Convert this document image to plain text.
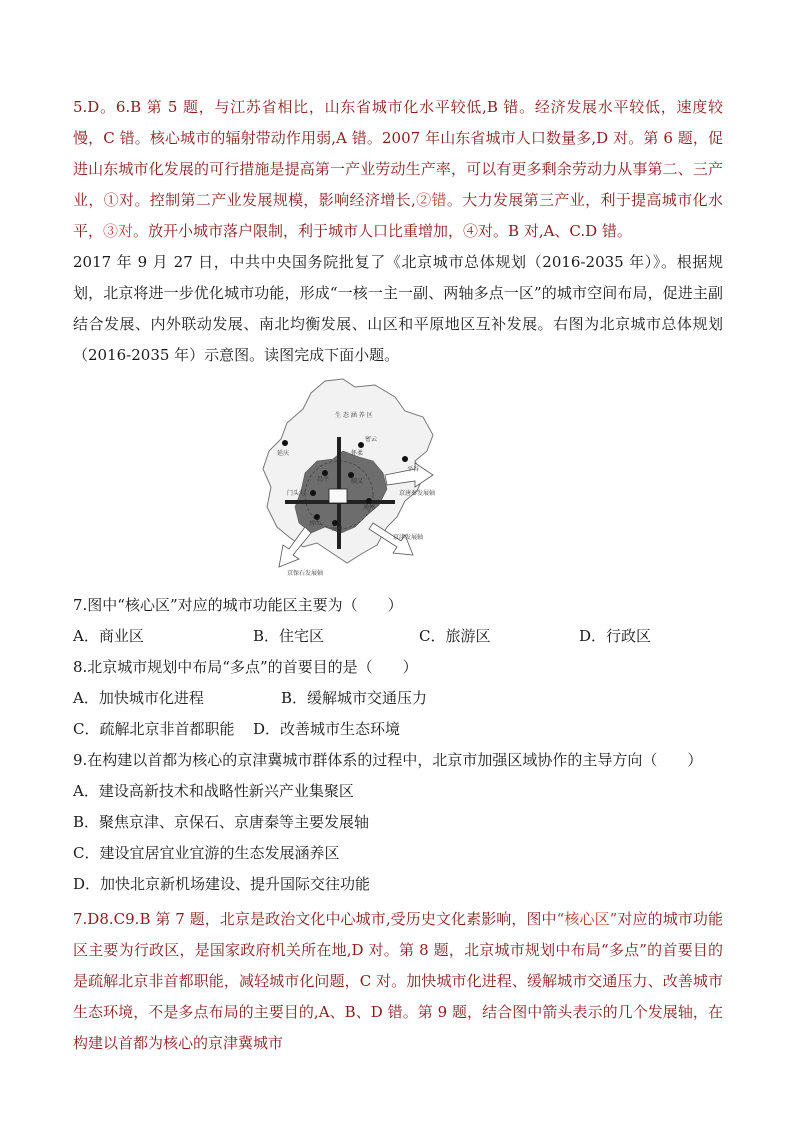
5.D。6.B 第 5 题，与江苏省相比，山东省城市化水平较低,B 错。经济发展水平较低，速度较慢，C 错。核心城市的辐射带动作用弱,A 错。2007 年山东省城市人口数量多,D 对。第 6 题，促进山东城市化发展的可行措施是提高第一产业劳动生产率，可以有更多剩余劳动力从事第二、三产业，①对。控制第二产业发展规模，影响经济增长,②错。大力发展第三产业，利于提高城市化水平，③对。放开小城市落户限制，利于城市人口比重增加，④对。B 对,A、C.D 错。

2017 年 9 月 27 日，中共中央国务院批复了《北京城市总体规划（2016-2035 年）》。根据规划，北京将进一步优化城市功能，形成“一核一主一副、两轴多点一区”的城市空间布局，促进主副结合发展、内外联动发展、南北均衡发展、山区和平原地区互补发展。右图为北京城市总体规划（2016-2035 年）示意图。读图完成下面小题。

生 态 涵 养 区
延庆
密云
怀柔
平谷
顺义
昌平
通州
门头沟
房山
大兴
京唐秦发展轴
京津发展轴
京保石发展轴

7.图中“核心区”对应的城市功能区主要为（　　）

A．商业区	B．住宅区	C．旅游区	D．行政区

8.北京城市规划中布局“多点”的首要目的是（　　）

A．加快城市化进程	B．缓解城市交通压力
C．疏解北京非首都职能	D．改善城市生态环境

9.在构建以首都为核心的京津冀城市群体系的过程中，北京市加强区域协作的主导方向（　　）

A．建设高新技术和战略性新兴产业集聚区

B．聚焦京津、京保石、京唐秦等主要发展轴

C．建设宜居宜业宜游的生态发展涵养区

D．加快北京新机场建设、提升国际交往功能

7.D8.C9.B 第 7 题，北京是政治文化中心城市,受历史文化素影响，图中“核心区”对应的城市功能区主要为行政区，是国家政府机关所在地,D 对。第 8 题，北京城市规划中布局“多点”的首要目的是疏解北京非首都职能，减轻城市化问题，C 对。加快城市化进程、缓解城市交通压力、改善城市生态环境，不是多点布局的主要目的,A、B、D 错。第 9 题，结合图中箭头表示的几个发展轴，在构建以首都为核心的京津冀城市
